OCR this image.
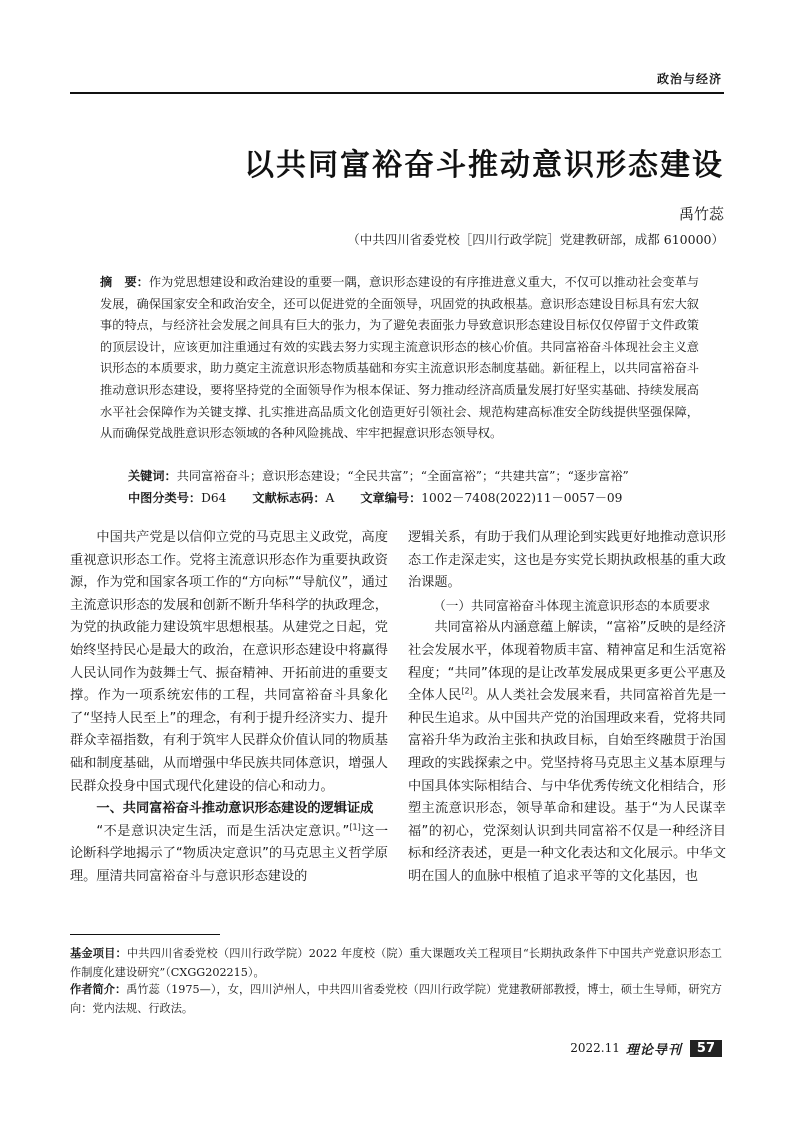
政治与经济
以共同富裕奋斗推动意识形态建设
禹竹蕊
（中共四川省委党校［四川行政学院］党建教研部，成都 610000）
摘　要：作为党思想建设和政治建设的重要一隅，意识形态建设的有序推进意义重大，不仅可以推动社会变革与发展，确保国家安全和政治安全，还可以促进党的全面领导，巩固党的执政根基。意识形态建设目标具有宏大叙事的特点，与经济社会发展之间具有巨大的张力，为了避免表面张力导致意识形态建设目标仅仅停留于文件政策的顶层设计，应该更加注重通过有效的实践去努力实现主流意识形态的核心价值。共同富裕奋斗体现社会主义意识形态的本质要求，助力奠定主流意识形态物质基础和夯实主流意识形态制度基础。新征程上，以共同富裕奋斗推动意识形态建设，要将坚持党的全面领导作为根本保证、努力推动经济高质量发展打好坚实基础、持续发展高水平社会保障作为关键支撑、扎实推进高品质文化创造更好引领社会、规范构建高标准安全防线提供坚强保障，从而确保党战胜意识形态领域的各种风险挑战、牢牢把握意识形态领导权。
关键词：共同富裕奋斗；意识形态建设；“全民共富”；“全面富裕”；“共建共富”；“逐步富裕”
中图分类号：D64 文献标志码：A 文章编号：1002－7408(2022)11－0057－09

中国共产党是以信仰立党的马克思主义政党，高度重视意识形态工作。党将主流意识形态作为重要执政资源，作为党和国家各项工作的“方向标”“导航仪”，通过主流意识形态的发展和创新不断升华科学的执政理念，为党的执政能力建设筑牢思想根基。从建党之日起，党始终坚持民心是最大的政治，在意识形态建设中将赢得人民认同作为鼓舞士气、振奋精神、开拓前进的重要支撑。作为一项系统宏伟的工程，共同富裕奋斗具象化了“坚持人民至上”的理念，有利于提升经济实力、提升群众幸福指数，有利于筑牢人民群众价值认同的物质基础和制度基础，从而增强中华民族共同体意识，增强人民群众投身中国式现代化建设的信心和动力。

一、共同富裕奋斗推动意识形态建设的逻辑证成

“不是意识决定生活，而是生活决定意识。”[1]这一论断科学地揭示了“物质决定意识”的马克思主义哲学原理。厘清共同富裕奋斗与意识形态建设的

逻辑关系，有助于我们从理论到实践更好地推动意识形态工作走深走实，这也是夯实党长期执政根基的重大政治课题。

（一）共同富裕奋斗体现主流意识形态的本质要求

共同富裕从内涵意蕴上解读，“富裕”反映的是经济社会发展水平，体现着物质丰富、精神富足和生活宽裕程度；“共同”体现的是让改革发展成果更多更公平惠及全体人民[2]。从人类社会发展来看，共同富裕首先是一种民生追求。从中国共产党的治国理政来看，党将共同富裕升华为政治主张和执政目标，自始至终融贯于治国理政的实践探索之中。党坚持将马克思主义基本原理与中国具体实际相结合、与中华优秀传统文化相结合，形塑主流意识形态，领导革命和建设。基于“为人民谋幸福”的初心，党深刻认识到共同富裕不仅是一种经济目标和经济表述，更是一种文化表达和文化展示。中华文明在国人的血脉中根植了追求平等的文化基因，也

基金项目：中共四川省委党校（四川行政学院）2022 年度校（院）重大课题攻关工程项目“长期执政条件下中国共产党意识形态工作制度化建设研究”（CXGG202215）。
作者简介：禹竹蕊（1975—），女，四川泸州人，中共四川省委党校（四川行政学院）党建教研部教授，博士，硕士生导师，研究方向：党内法规、行政法。
2022.11 理论导刊	57
